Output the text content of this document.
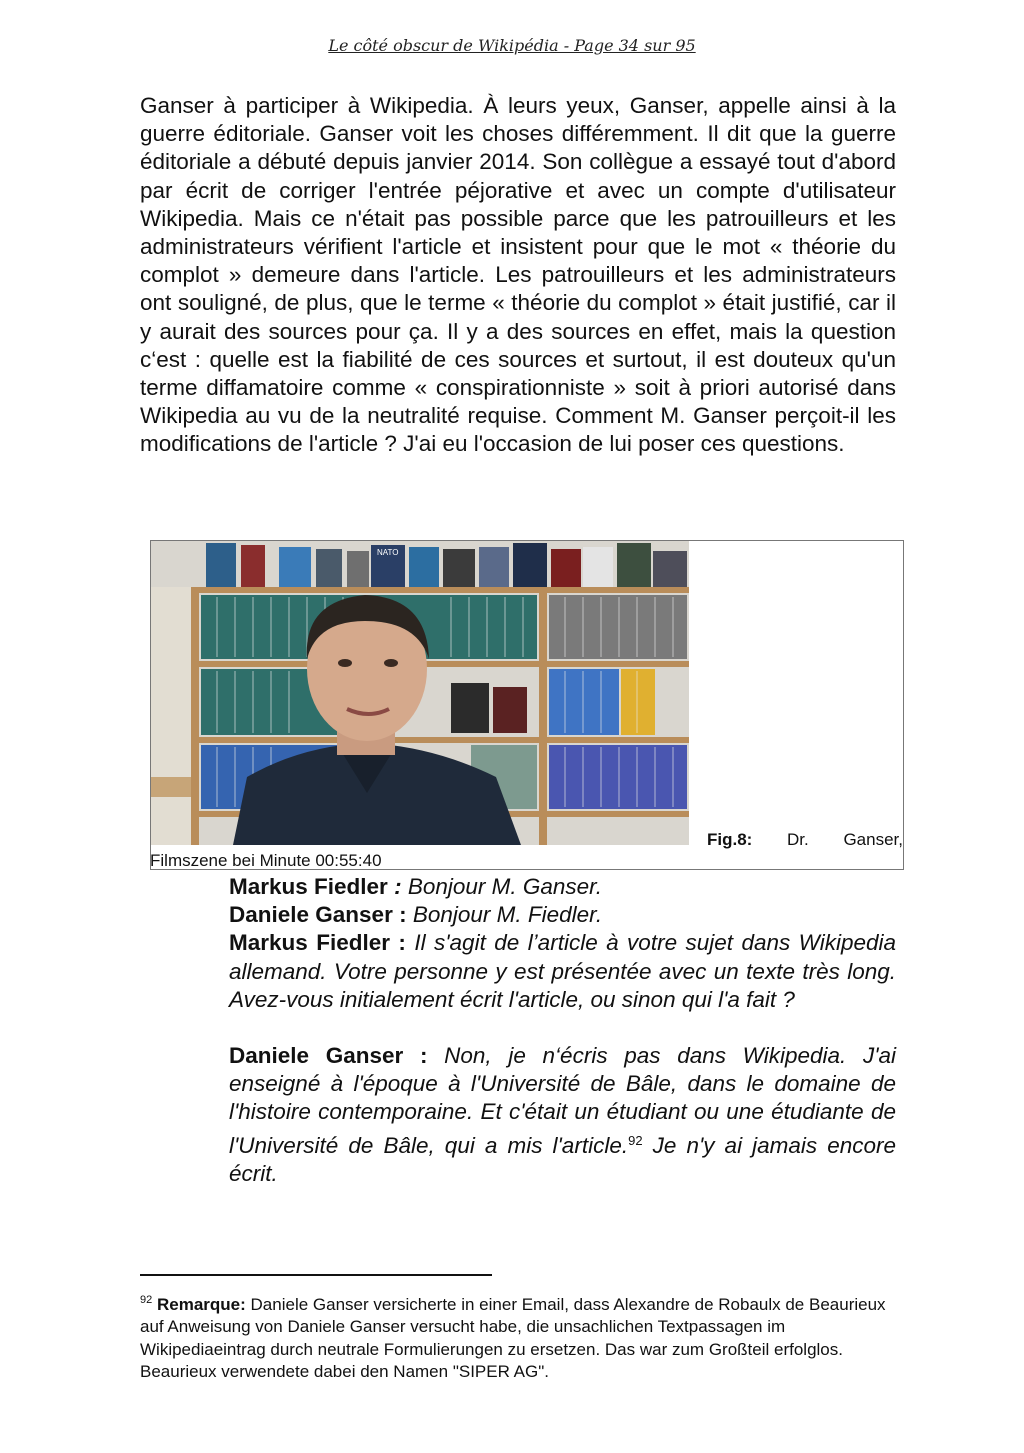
Le côté obscur de Wikipédia - Page 34 sur 95

Ganser à participer à Wikipedia. À leurs yeux, Ganser, appelle ainsi à la guerre éditoriale. Ganser voit les choses différemment. Il dit que la guerre éditoriale a débuté depuis janvier 2014. Son collègue a essayé tout d'abord par écrit de corriger l'entrée péjorative et avec un compte d'utilisateur Wikipedia. Mais ce n'était pas possible parce que les patrouilleurs et les administrateurs vérifient l'article et insistent pour que le mot « théorie du complot » demeure dans l'article. Les patrouilleurs et les administrateurs ont souligné, de plus, que le terme « théorie du complot » était justifié, car il y aurait des sources pour ça. Il y a des sources en effet, mais la question c‘est : quelle est la fiabilité de ces sources et surtout, il est douteux qu'un terme diffamatoire comme « conspirationniste » soit à priori autorisé dans Wikipedia au vu de la neutralité requise. Comment M. Ganser perçoit-il les modifications de l'article ? J'ai eu l'occasion de lui poser ces questions.

NATO
Fig.8: Dr. Ganser,
Filmszene bei Minute 00:55:40

Markus Fiedler : Bonjour M. Ganser.

Daniele Ganser : Bonjour M. Fiedler.

Markus Fiedler : Il s'agit de l’article à votre sujet dans Wikipedia allemand. Votre personne y est présentée avec un texte très long. Avez-vous initialement écrit l'article, ou sinon qui l'a fait ?

Daniele Ganser : Non, je n‘écris pas dans Wikipedia. J'ai enseigné à l'époque à l'Université de Bâle, dans le domaine de l'histoire contemporaine. Et c'était un étudiant ou une étudiante de l'Université de Bâle, qui a mis l'article.$^{92}$ Je n'y ai jamais encore écrit.

$^{92}$ Remarque: Daniele Ganser versicherte in einer Email, dass Alexandre de Robaulx de Beaurieux auf Anweisung von Daniele Ganser versucht habe, die unsachlichen Textpassagen im Wikipediaeintrag durch neutrale Formulierungen zu ersetzen. Das war zum Großteil erfolglos. Beaurieux verwendete dabei den Namen "SIPER AG".
